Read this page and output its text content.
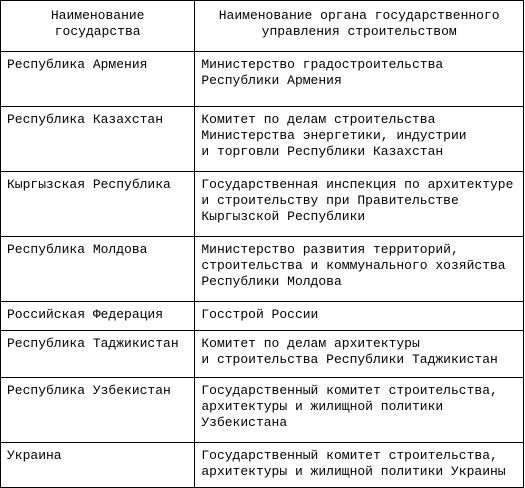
Наименование
государства	Наименование органа государственного
управления строительством
Республика Армения	Министерство градостроительства
Республики Армения
Республика Казахстан	Комитет по делам строительства
Министерства энергетики, индустрии
и торговли Республики Казахстан
Кыргызская Республика	Государственная инспекция по архитектуре
и строительству при Правительстве
Кыргызской Республики
Республика Молдова	Министерство развития территорий,
строительства и коммунального хозяйства
Республики Молдова
Российская Федерация	Госстрой России
Республика Таджикистан	Комитет по делам архитектуры
и строительства Республики Таджикистан
Республика Узбекистан	Государственный комитет строительства,
архитектуры и жилищной политики
Узбекистана
Украина	Государственный комитет строительства,
архитектуры и жилищной политики Украины
